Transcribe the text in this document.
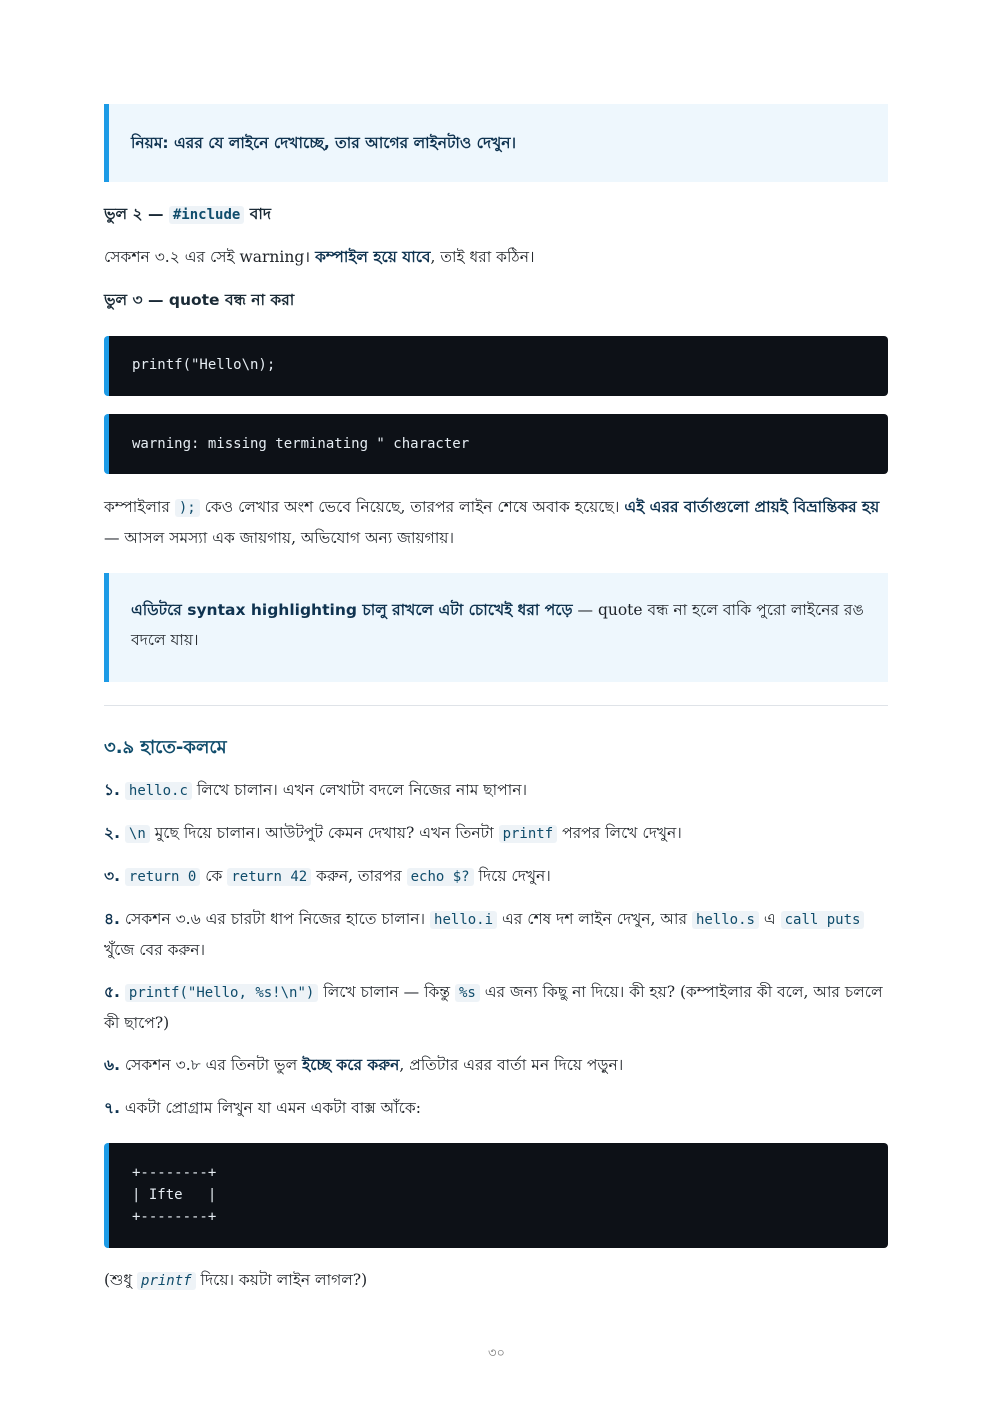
নিয়ম: এরর যে লাইনে দেখাচ্ছে, তার আগের লাইনটাও দেখুন।

ভুল ২ — #include বাদ

সেকশন ৩.২ এর সেই warning। কম্পাইল হয়ে যাবে, তাই ধরা কঠিন।

ভুল ৩ — quote বন্ধ না করা

printf("Hello\n);
warning: missing terminating " character

কম্পাইলার ); কেও লেখার অংশ ভেবে নিয়েছে, তারপর লাইন শেষে অবাক হয়েছে। এই এরর বার্তাগুলো প্রায়ই বিভ্রান্তিকর হয় — আসল সমস্যা এক জায়গায়, অভিযোগ অন্য জায়গায়।

এডিটরে syntax highlighting চালু রাখলে এটা চোখেই ধরা পড়ে — quote বন্ধ না হলে বাকি পুরো লাইনের রঙ বদলে যায়।

৩.৯ হাতে-কলমে

১. hello.c লিখে চালান। এখন লেখাটা বদলে নিজের নাম ছাপান।

২. \n মুছে দিয়ে চালান। আউটপুট কেমন দেখায়? এখন তিনটা printf পরপর লিখে দেখুন।

৩. return 0 কে return 42 করুন, তারপর echo $? দিয়ে দেখুন।

৪. সেকশন ৩.৬ এর চারটা ধাপ নিজের হাতে চালান। hello.i এর শেষ দশ লাইন দেখুন, আর hello.s এ call puts খুঁজে বের করুন।

৫. printf("Hello, %s!\n") লিখে চালান — কিন্তু %s এর জন্য কিছু না দিয়ে। কী হয়? (কম্পাইলার কী বলে, আর চললে কী ছাপে?)

৬. সেকশন ৩.৮ এর তিনটা ভুল ইচ্ছে করে করুন, প্রতিটার এরর বার্তা মন দিয়ে পড়ুন।

৭. একটা প্রোগ্রাম লিখুন যা এমন একটা বাক্স আঁকে:

+--------+
| Ifte   |
+--------+

(শুধু printf দিয়ে। কয়টা লাইন লাগল?)

৩০
